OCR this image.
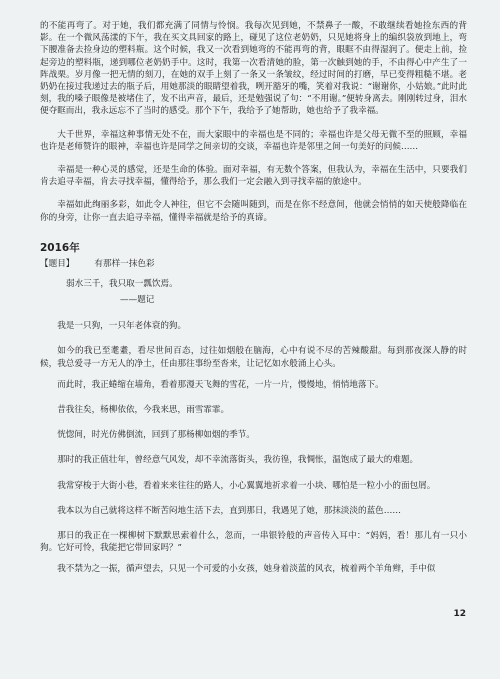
的不能再弯了。对于她，我们都充满了同情与怜悯。我每次见到她，不禁鼻子一酸，不敢继续看她捡东西的背影。在一个微风荡漾的下午，我在买文具回家的路上，碰见了这位老奶奶，只见她将身上的编织袋放到地上，弯下腰准备去捡身边的塑料瓶。这个时候，我又一次看到她弯的不能再弯的背，眼眶不由得湿润了。便走上前，捡起旁边的塑料瓶，递到哪位老奶奶手中。这时，我第一次看清她的脸，第一次触到她的手，不由得心中产生了一阵战栗。岁月像一把无情的刻刀，在她的双手上刻了一条又一条皱纹，经过时间的打磨，早已变得粗糙不堪。老奶奶在接过我递过去的瓶子后，用她那淡的眼睛望着我，咧开豁牙的嘴，笑着对我说：“谢谢你，小姑娘。”此时此刻，我的嗓子眼像是被堵住了，发不出声音，最后，还是勉强说了句：“不用谢。”便转身离去。刚刚转过身，泪水便夺眶而出，我永远忘不了当时的感受。那个下午，我给予了她帮助，她也给予了我幸福。

大千世界，幸福这种事情无处不在，而大家眼中的幸福也是不同的；幸福也许是父母无微不至的照顾，幸福也许是老师赞许的眼神，幸福也许是同学之间亲切的交谈，幸福也许是邻里之间一句美好的问候……

幸福是一种心灵的感觉，还是生命的体验。面对幸福，有无数个答案，但我认为，幸福在生活中，只要我们肯去追寻幸福，肯去寻找幸福，懂得给予，那么我们一定会融入到寻找幸福的旅途中。

幸福如此绚丽多彩，如此令人神往，但它不会随叫随到，而是在你不经意间，他就会悄悄的如天使般降临在你的身旁，让你一直去追寻幸福，懂得幸福就是给予的真谛。

2016年
【题目】 有那样一抹色彩

弱水三千，我只取一瓢饮焉。

——题记

我是一只狗，一只年老体衰的狗。

如今的我已至耄耋，看尽世间百态，过往如烟般在脑海，心中有说不尽的苦辣酸甜。每到那夜深人静的时候，我总爱寻一方无人的净土，任由那往事纷至沓来，让记忆如水般涌上心头。

而此时，我正蜷缩在墙角，看着那漫天飞舞的雪花，一片一片，慢慢地，悄悄地落下。

昔我往矣，杨柳依依，今我来思，雨雪霏霏。

恍惚间，时光仿佛倒流，回到了那杨柳如烟的季节。

那时的我正值壮年，曾经意气风发，却不幸流落街头，我彷徨，我惆怅，温饱成了最大的难题。

我常穿梭于大街小巷，看着来来往往的路人，小心翼翼地祈求着一小块、哪怕是一粒小小的面包屑。

我本以为自己就将这样不断苦闷地生活下去，直到那日，我遇见了她，那抹淡淡的蓝色……

那日的我正在一棵柳树下默默思索着什么，忽而，一串银铃般的声音传入耳中：“妈妈，看！那儿有一只小狗。它好可怜，我能把它带回家吗？”

我不禁为之一振，循声望去，只见一个可爱的小女孩，她身着淡蓝的风衣，梳着两个羊角辫，手中似

12
